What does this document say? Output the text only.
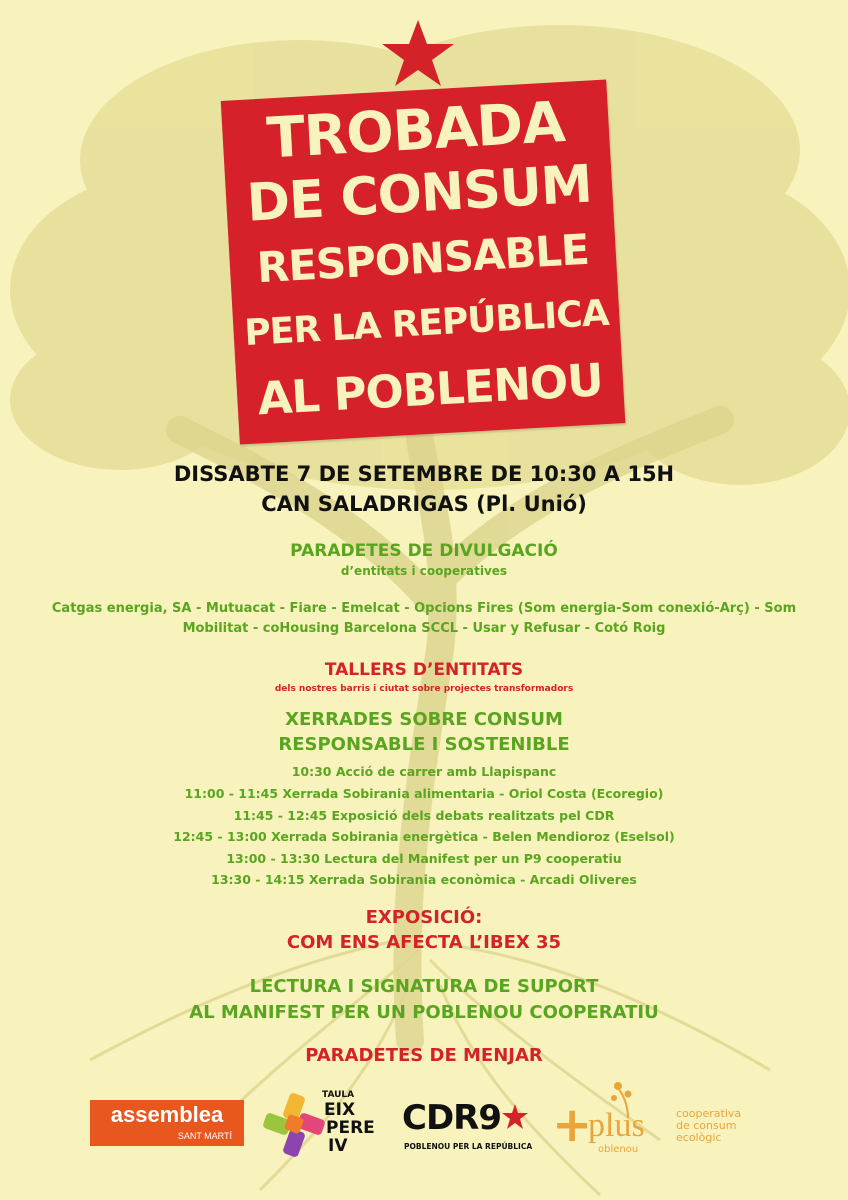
TROBADA
DE CONSUM
RESPONSABLE
PER LA REPÚBLICA
AL POBLENOU
DISSABTE 7 DE SETEMBRE DE 10:30 A 15H
CAN SALADRIGAS (Pl. Unió)
PARADETES DE DIVULGACIÓ
d’entitats i cooperatives
Catgas energia, SA - Mutuacat - Fiare - Emelcat - Opcions Fires (Som energia-Som conexió-Arç) - Som
Mobilitat - coHousing Barcelona SCCL - Usar y Refusar - Cotó Roig
TALLERS D’ENTITATS
dels nostres barris i ciutat sobre projectes transformadors
XERRADES SOBRE CONSUM
RESPONSABLE I SOSTENIBLE
10:30 Acció de carrer amb Llapispanc
11:00 - 11:45 Xerrada Sobirania alimentaria - Oriol Costa (Ecoregio)
11:45 - 12:45 Exposició dels debats realitzats pel CDR
12:45 - 13:00 Xerrada Sobirania energètica - Belen Mendioroz (Eselsol)
13:00 - 13:30 Lectura del Manifest per un P9 cooperatiu
13:30 - 14:15 Xerrada Sobirania econòmica - Arcadi Oliveres
EXPOSICIÓ:
COM ENS AFECTA L’IBEX 35
LECTURA I SIGNATURA DE SUPORT
AL MANIFEST PER UN POBLENOU COOPERATIU
PARADETES DE MENJAR
assemblea
SANT MARTÍ
TAULA
EIX
PERE
IV
CDR9
POBLENOU PER LA REPÚBLICA +
plus
oblenou
cooperativa
de consum
ecològic
